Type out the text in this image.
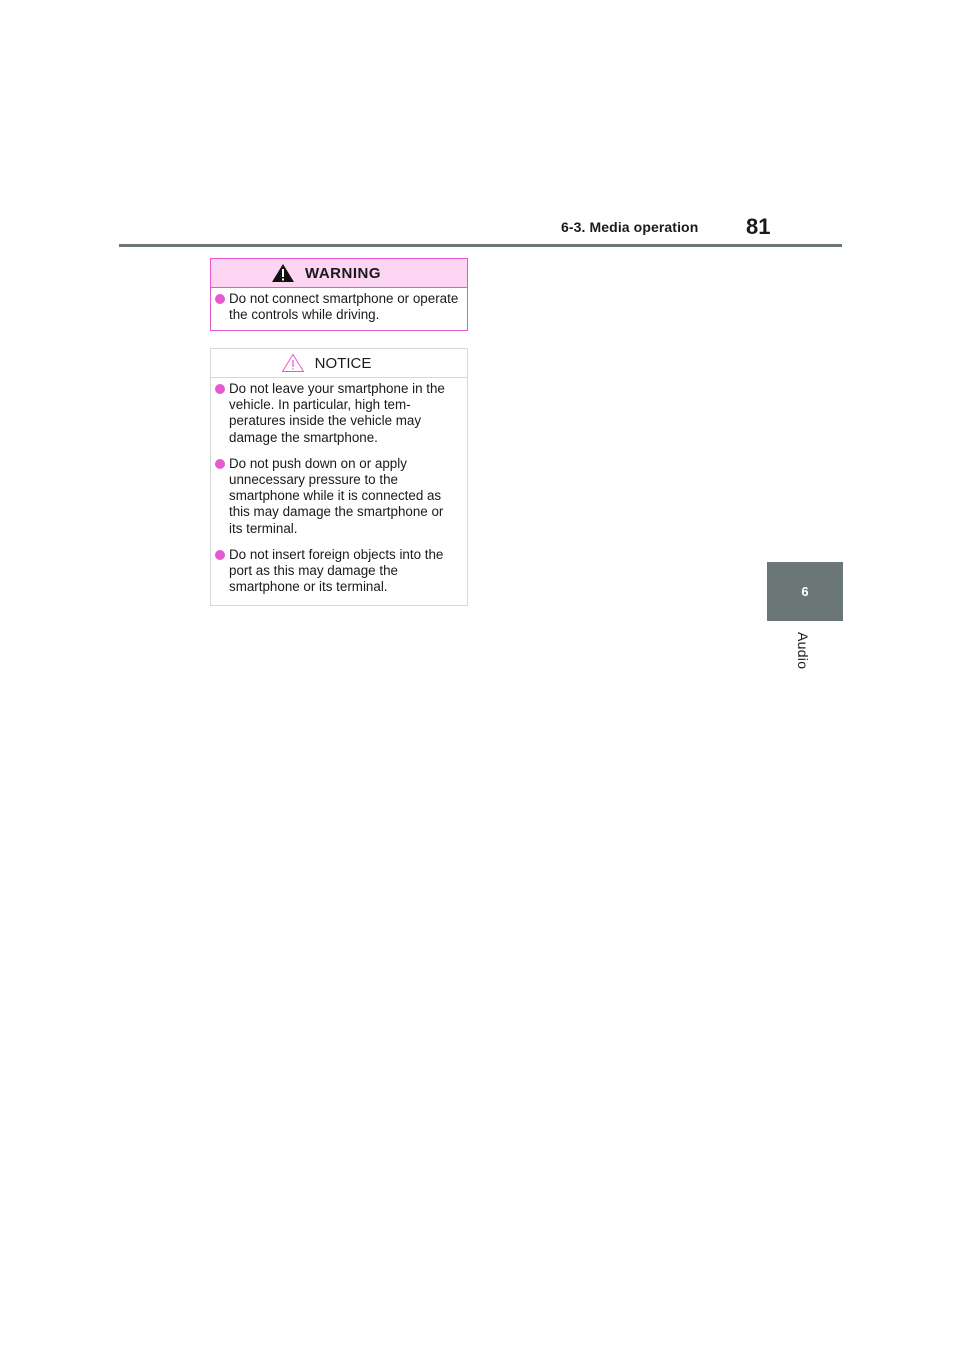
6-3. Media operation 81
6
Audio
WARNING
Do not connect smartphone or operate the controls while driving.
NOTICE
Do not leave your smartphone in the vehicle. In particular, high tem-peratures inside the vehicle may damage the smartphone.
Do not push down on or apply unnecessary pressure to the smartphone while it is connected as this may damage the smartphone or its terminal.
Do not insert foreign objects into the port as this may damage the smartphone or its terminal.
